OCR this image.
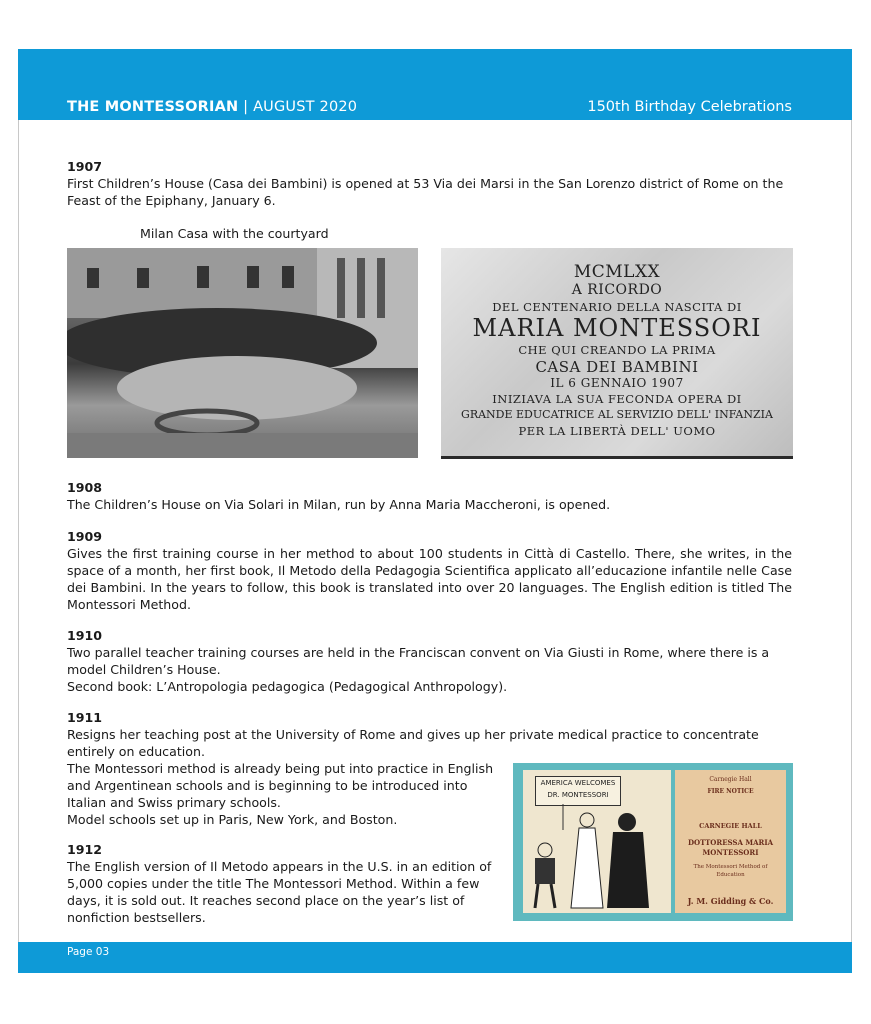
THE MONTESSORIAN | AUGUST 2020	150th Birthday Celebrations
1907
First Children’s House (Casa dei Bambini) is opened at 53 Via dei Marsi in the San Lorenzo district of Rome on the Feast of the Epiphany, January 6.
Milan Casa with the courtyard
MCMLXX
A RICORDO
DEL CENTENARIO DELLA NASCITA DI
MARIA MONTESSORI
CHE QUI CREANDO LA PRIMA
CASA DEI BAMBINI
IL 6 GENNAIO 1907
INIZIAVA LA SUA FECONDA OPERA DI
GRANDE EDUCATRICE AL SERVIZIO DELL' INFANZIA
PER LA LIBERTÀ DELL' UOMO
1908
The Children’s House on Via Solari in Milan, run by Anna Maria Maccheroni, is opened.
1909
Gives the first training course in her method to about 100 students in Città di Castello. There, she writes, in the space of a month, her first book, Il Metodo della Pedagogia Scientifica applicato all’educazione infantile nelle Case dei Bambini. In the years to follow, this book is translated into over 20 languages. The English edition is titled The Montessori Method.
1910
Two parallel teacher training courses are held in the Franciscan convent on Via Giusti in Rome, where there is a model Children’s House.
Second book: L’Antropologia pedagogica (Pedagogical Anthropology).
1911
Resigns her teaching post at the University of Rome and gives up her private medical practice to concentrate entirely on education.
The Montessori method is already being put into practice in English and Argentinean schools and is beginning to be introduced into Italian and Swiss primary schools.
Model schools set up in Paris, New York, and Boston.
1912
The English version of Il Metodo appears in the U.S. in an edition of 5,000 copies under the title The Montessori Method. Within a few days, it is sold out. It reaches second place on the year’s list of nonfiction bestsellers.
AMERICA WELCOMES
DR. MONTESSORI
Carnegie Hall
FIRE NOTICE
CARNEGIE HALL
DOTTORESSA MARIA
MONTESSORI
The Montessori Method of
Education
J. M. Gidding & Co.
Page 03
